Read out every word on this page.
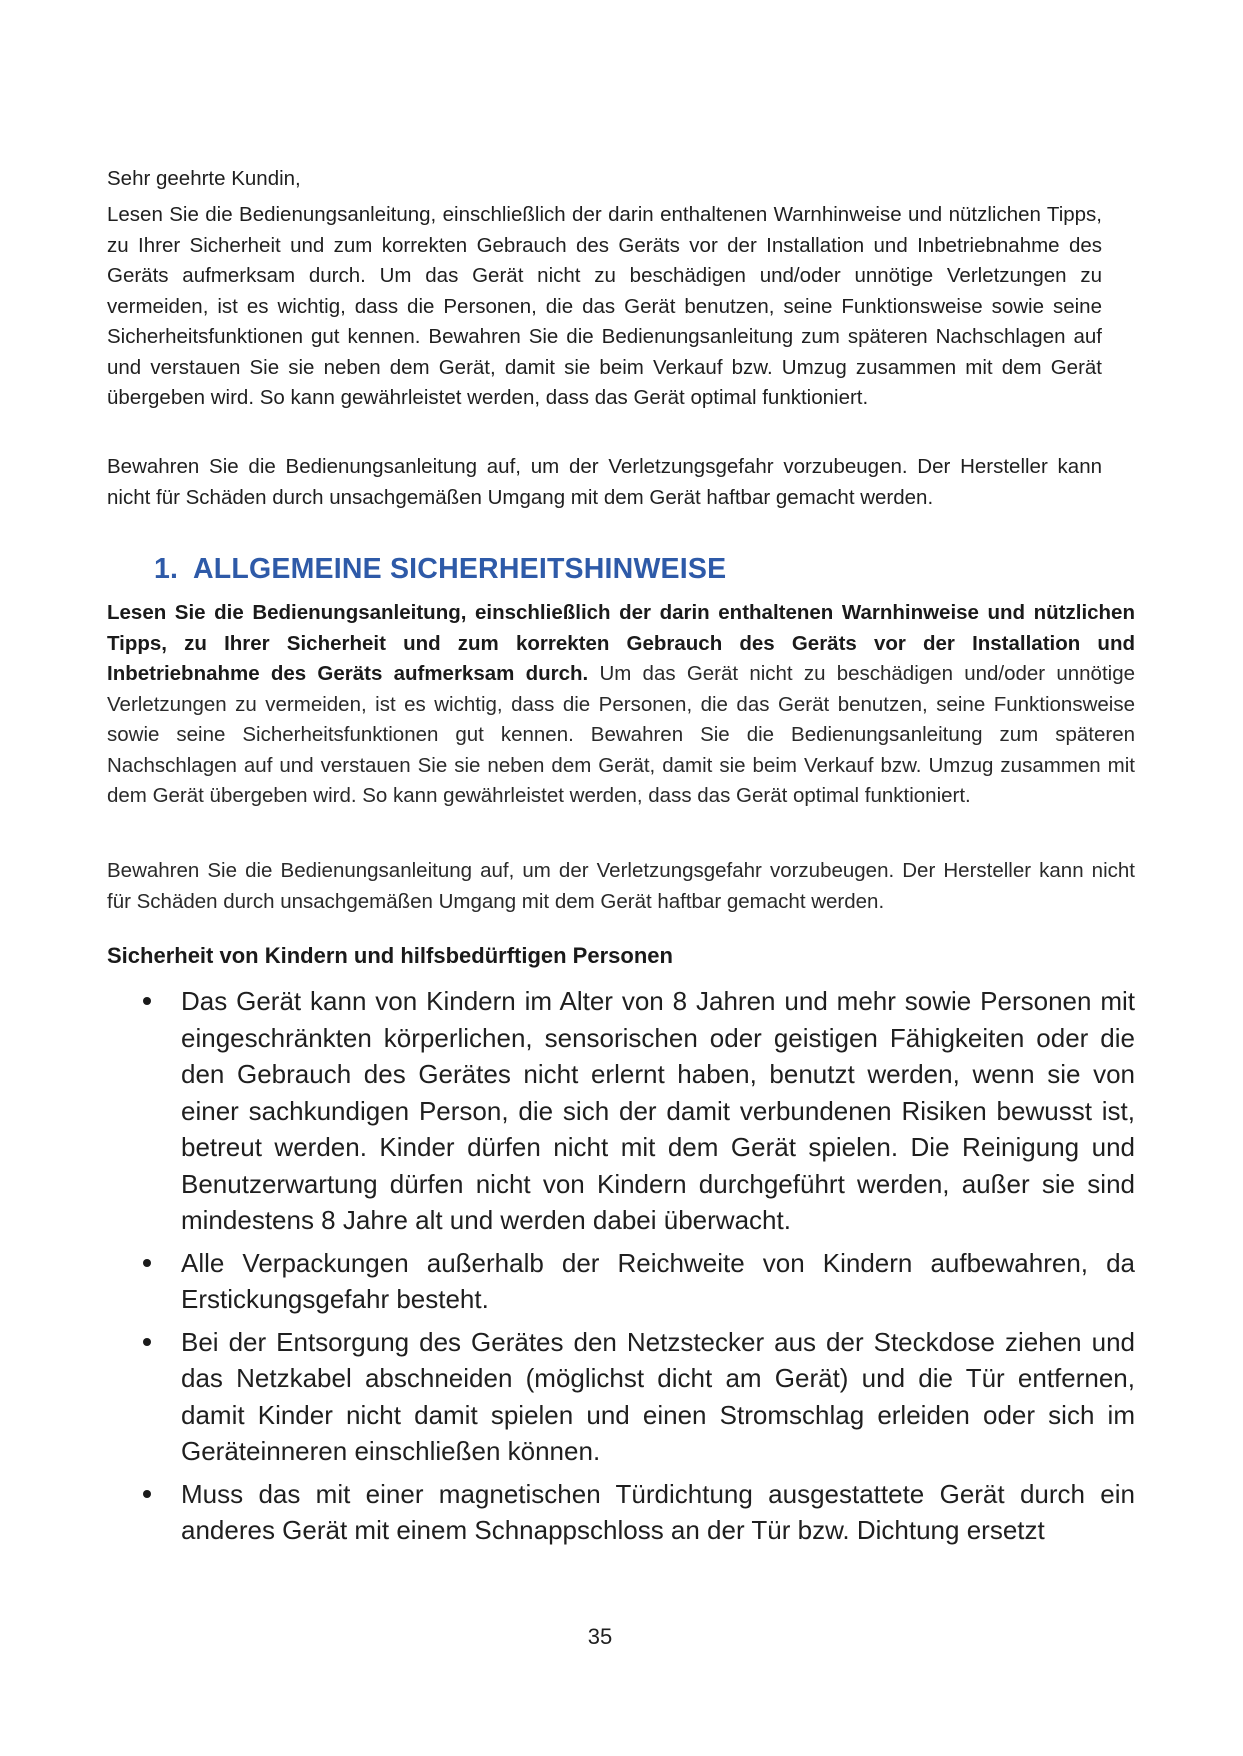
Sehr geehrte Kundin,

Lesen Sie die Bedienungsanleitung, einschließlich der darin enthaltenen Warnhinweise und nützlichen Tipps, zu Ihrer Sicherheit und zum korrekten Gebrauch des Geräts vor der Installation und Inbetriebnahme des Geräts aufmerksam durch. Um das Gerät nicht zu beschädigen und/oder unnötige Verletzungen zu vermeiden, ist es wichtig, dass die Personen, die das Gerät benutzen, seine Funktionsweise sowie seine Sicherheitsfunktionen gut kennen. Bewahren Sie die Bedienungsanleitung zum späteren Nachschlagen auf und verstauen Sie sie neben dem Gerät, damit sie beim Verkauf bzw. Umzug zusammen mit dem Gerät übergeben wird. So kann gewährleistet werden, dass das Gerät optimal funktioniert.

Bewahren Sie die Bedienungsanleitung auf, um der Verletzungsgefahr vorzubeugen. Der Hersteller kann nicht für Schäden durch unsachgemäßen Umgang mit dem Gerät haftbar gemacht werden.

1. ALLGEMEINE SICHERHEITSHINWEISE

Lesen Sie die Bedienungsanleitung, einschließlich der darin enthaltenen Warnhinweise und nützlichen Tipps, zu Ihrer Sicherheit und zum korrekten Gebrauch des Geräts vor der Installation und Inbetriebnahme des Geräts aufmerksam durch. Um das Gerät nicht zu beschädigen und/oder unnötige Verletzungen zu vermeiden, ist es wichtig, dass die Personen, die das Gerät benutzen, seine Funktionsweise sowie seine Sicherheitsfunktionen gut kennen. Bewahren Sie die Bedienungsanleitung zum späteren Nachschlagen auf und verstauen Sie sie neben dem Gerät, damit sie beim Verkauf bzw. Umzug zusammen mit dem Gerät übergeben wird. So kann gewährleistet werden, dass das Gerät optimal funktioniert.

Bewahren Sie die Bedienungsanleitung auf, um der Verletzungsgefahr vorzubeugen. Der Hersteller kann nicht für Schäden durch unsachgemäßen Umgang mit dem Gerät haftbar gemacht werden.

Sicherheit von Kindern und hilfsbedürftigen Personen
Das Gerät kann von Kindern im Alter von 8 Jahren und mehr sowie Personen mit eingeschränkten körperlichen, sensorischen oder geistigen Fähigkeiten oder die den Gebrauch des Gerätes nicht erlernt haben, benutzt werden, wenn sie von einer sachkundigen Person, die sich der damit verbundenen Risiken bewusst ist, betreut werden. Kinder dürfen nicht mit dem Gerät spielen. Die Reinigung und Benutzerwartung dürfen nicht von Kindern durchgeführt werden, außer sie sind mindestens 8 Jahre alt und werden dabei überwacht.
Alle Verpackungen außerhalb der Reichweite von Kindern aufbewahren, da Erstickungsgefahr besteht.
Bei der Entsorgung des Gerätes den Netzstecker aus der Steckdose ziehen und das Netzkabel abschneiden (möglichst dicht am Gerät) und die Tür entfernen, damit Kinder nicht damit spielen und einen Stromschlag erleiden oder sich im Geräteinneren einschließen können.
Muss das mit einer magnetischen Türdichtung ausgestattete Gerät durch ein anderes Gerät mit einem Schnappschloss an der Tür bzw. Dichtung ersetzt
35
